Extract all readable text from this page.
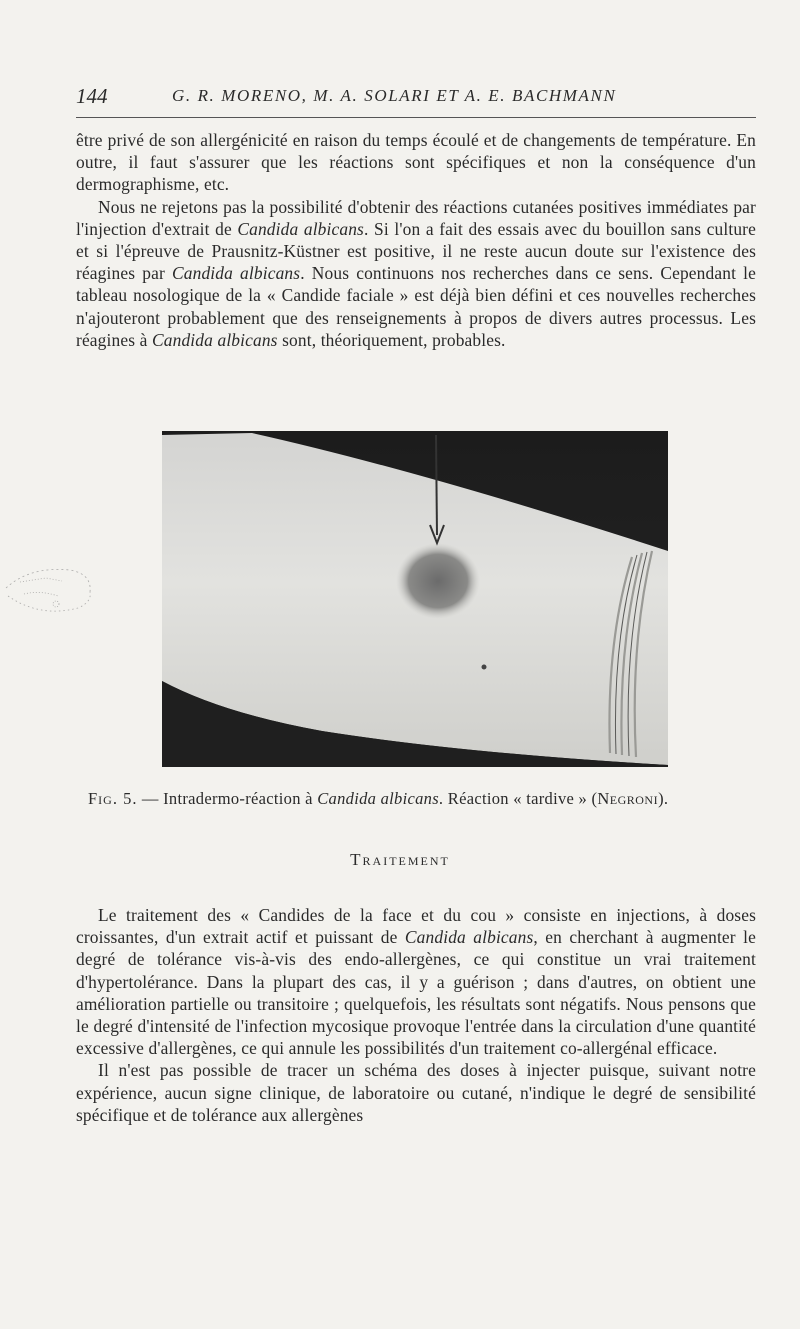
144	G. R. MORENO, M. A. SOLARI ET A. E. BACHMANN

être privé de son allergénicité en raison du temps écoulé et de changements de température. En outre, il faut s'assurer que les réactions sont spécifiques et non la conséquence d'un dermographisme, etc.

Nous ne rejetons pas la possibilité d'obtenir des réactions cutanées positives immédiates par l'injection d'extrait de Candida albicans. Si l'on a fait des essais avec du bouillon sans culture et si l'épreuve de Prausnitz-Küstner est positive, il ne reste aucun doute sur l'existence des réagines par Candida albicans. Nous continuons nos recherches dans ce sens. Cependant le tableau nosologique de la « Candide faciale » est déjà bien défini et ces nouvelles recherches n'ajouteront probablement que des renseignements à propos de divers autres processus. Les réagines à Candida albicans sont, théoriquement, probables.

Fig. 5. — Intradermo-réaction à Candida albicans. Réaction « tardive » (Negroni).
Traitement

Le traitement des « Candides de la face et du cou » consiste en injections, à doses croissantes, d'un extrait actif et puissant de Candida albicans, en cherchant à augmenter le degré de tolérance vis-à-vis des endo-allergènes, ce qui constitue un vrai traitement d'hypertolérance. Dans la plupart des cas, il y a guérison ; dans d'autres, on obtient une amélioration partielle ou transitoire ; quelquefois, les résultats sont négatifs. Nous pensons que le degré d'intensité de l'infection mycosique provoque l'entrée dans la circulation d'une quantité excessive d'allergènes, ce qui annule les possibilités d'un traitement co-allergénal efficace.

Il n'est pas possible de tracer un schéma des doses à injecter puisque, suivant notre expérience, aucun signe clinique, de laboratoire ou cutané, n'indique le degré de sensibilité spécifique et de tolérance aux allergènes
